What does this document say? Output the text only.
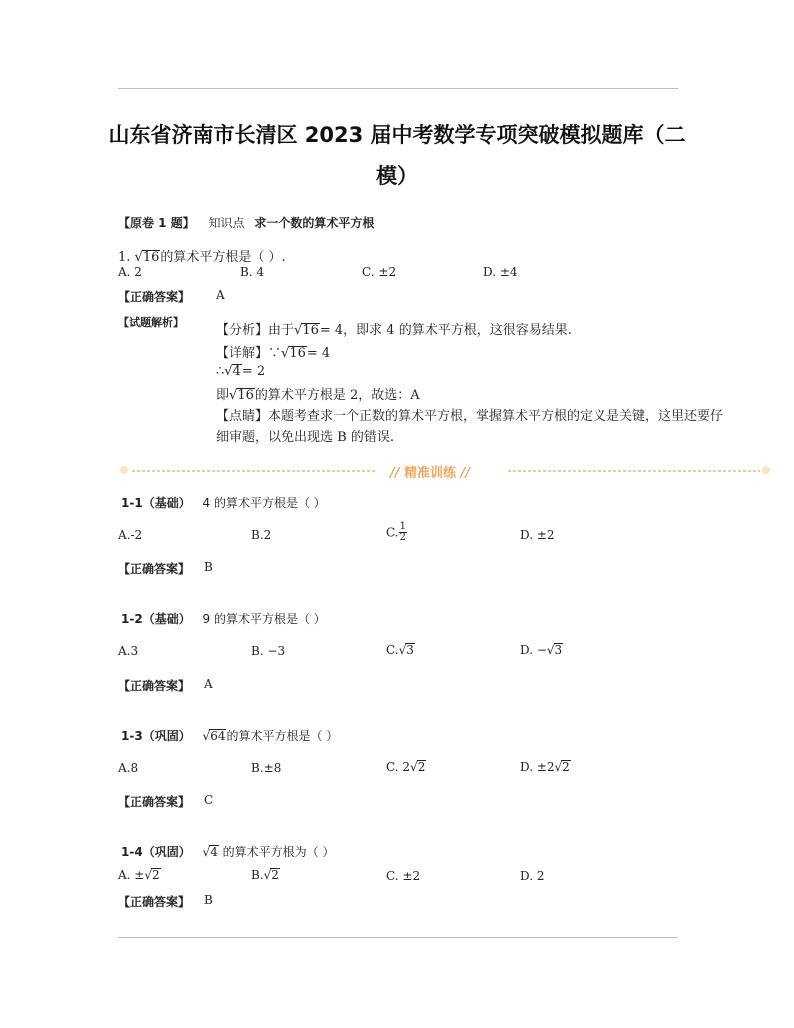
山东省济南市长清区 2023 届中考数学专项突破模拟题库（二
模）
【原卷 1 题】 知识点 求一个数的算术平方根
1. √16的算术平方根是（ ）.
A. 2	B. 4	C. ±2	D. ±4
【正确答案】 A
【试题解析】
【分析】由于√16= 4，即求 4 的算术平方根，这很容易结果.
【详解】∵√16= 4
∴√4= 2
即√16的算术平方根是 2，故选：A
【点睛】本题考查求一个正数的算术平方根，掌握算术平方根的定义是关键，这里还要仔
细审题，以免出现选 B 的错误.
// 精准训练 //
1-1（基础） 4 的算术平方根是（ ）
A.-2	B.2	C. $\frac{1}{2}$	D. ±2
【正确答案】 B
1-2（基础） 9 的算术平方根是（ ）
A.3	B. −3	C.√3	D. −√3
【正确答案】 A
1-3（巩固） √64的算术平方根是（ ）
A.8	B.±8	C. 2√2	D. ±2√2
【正确答案】 C
1-4（巩固） √4 的算术平方根为（ ）
A. ±√2	B.√2	C. ±2	D. 2
【正确答案】 B
